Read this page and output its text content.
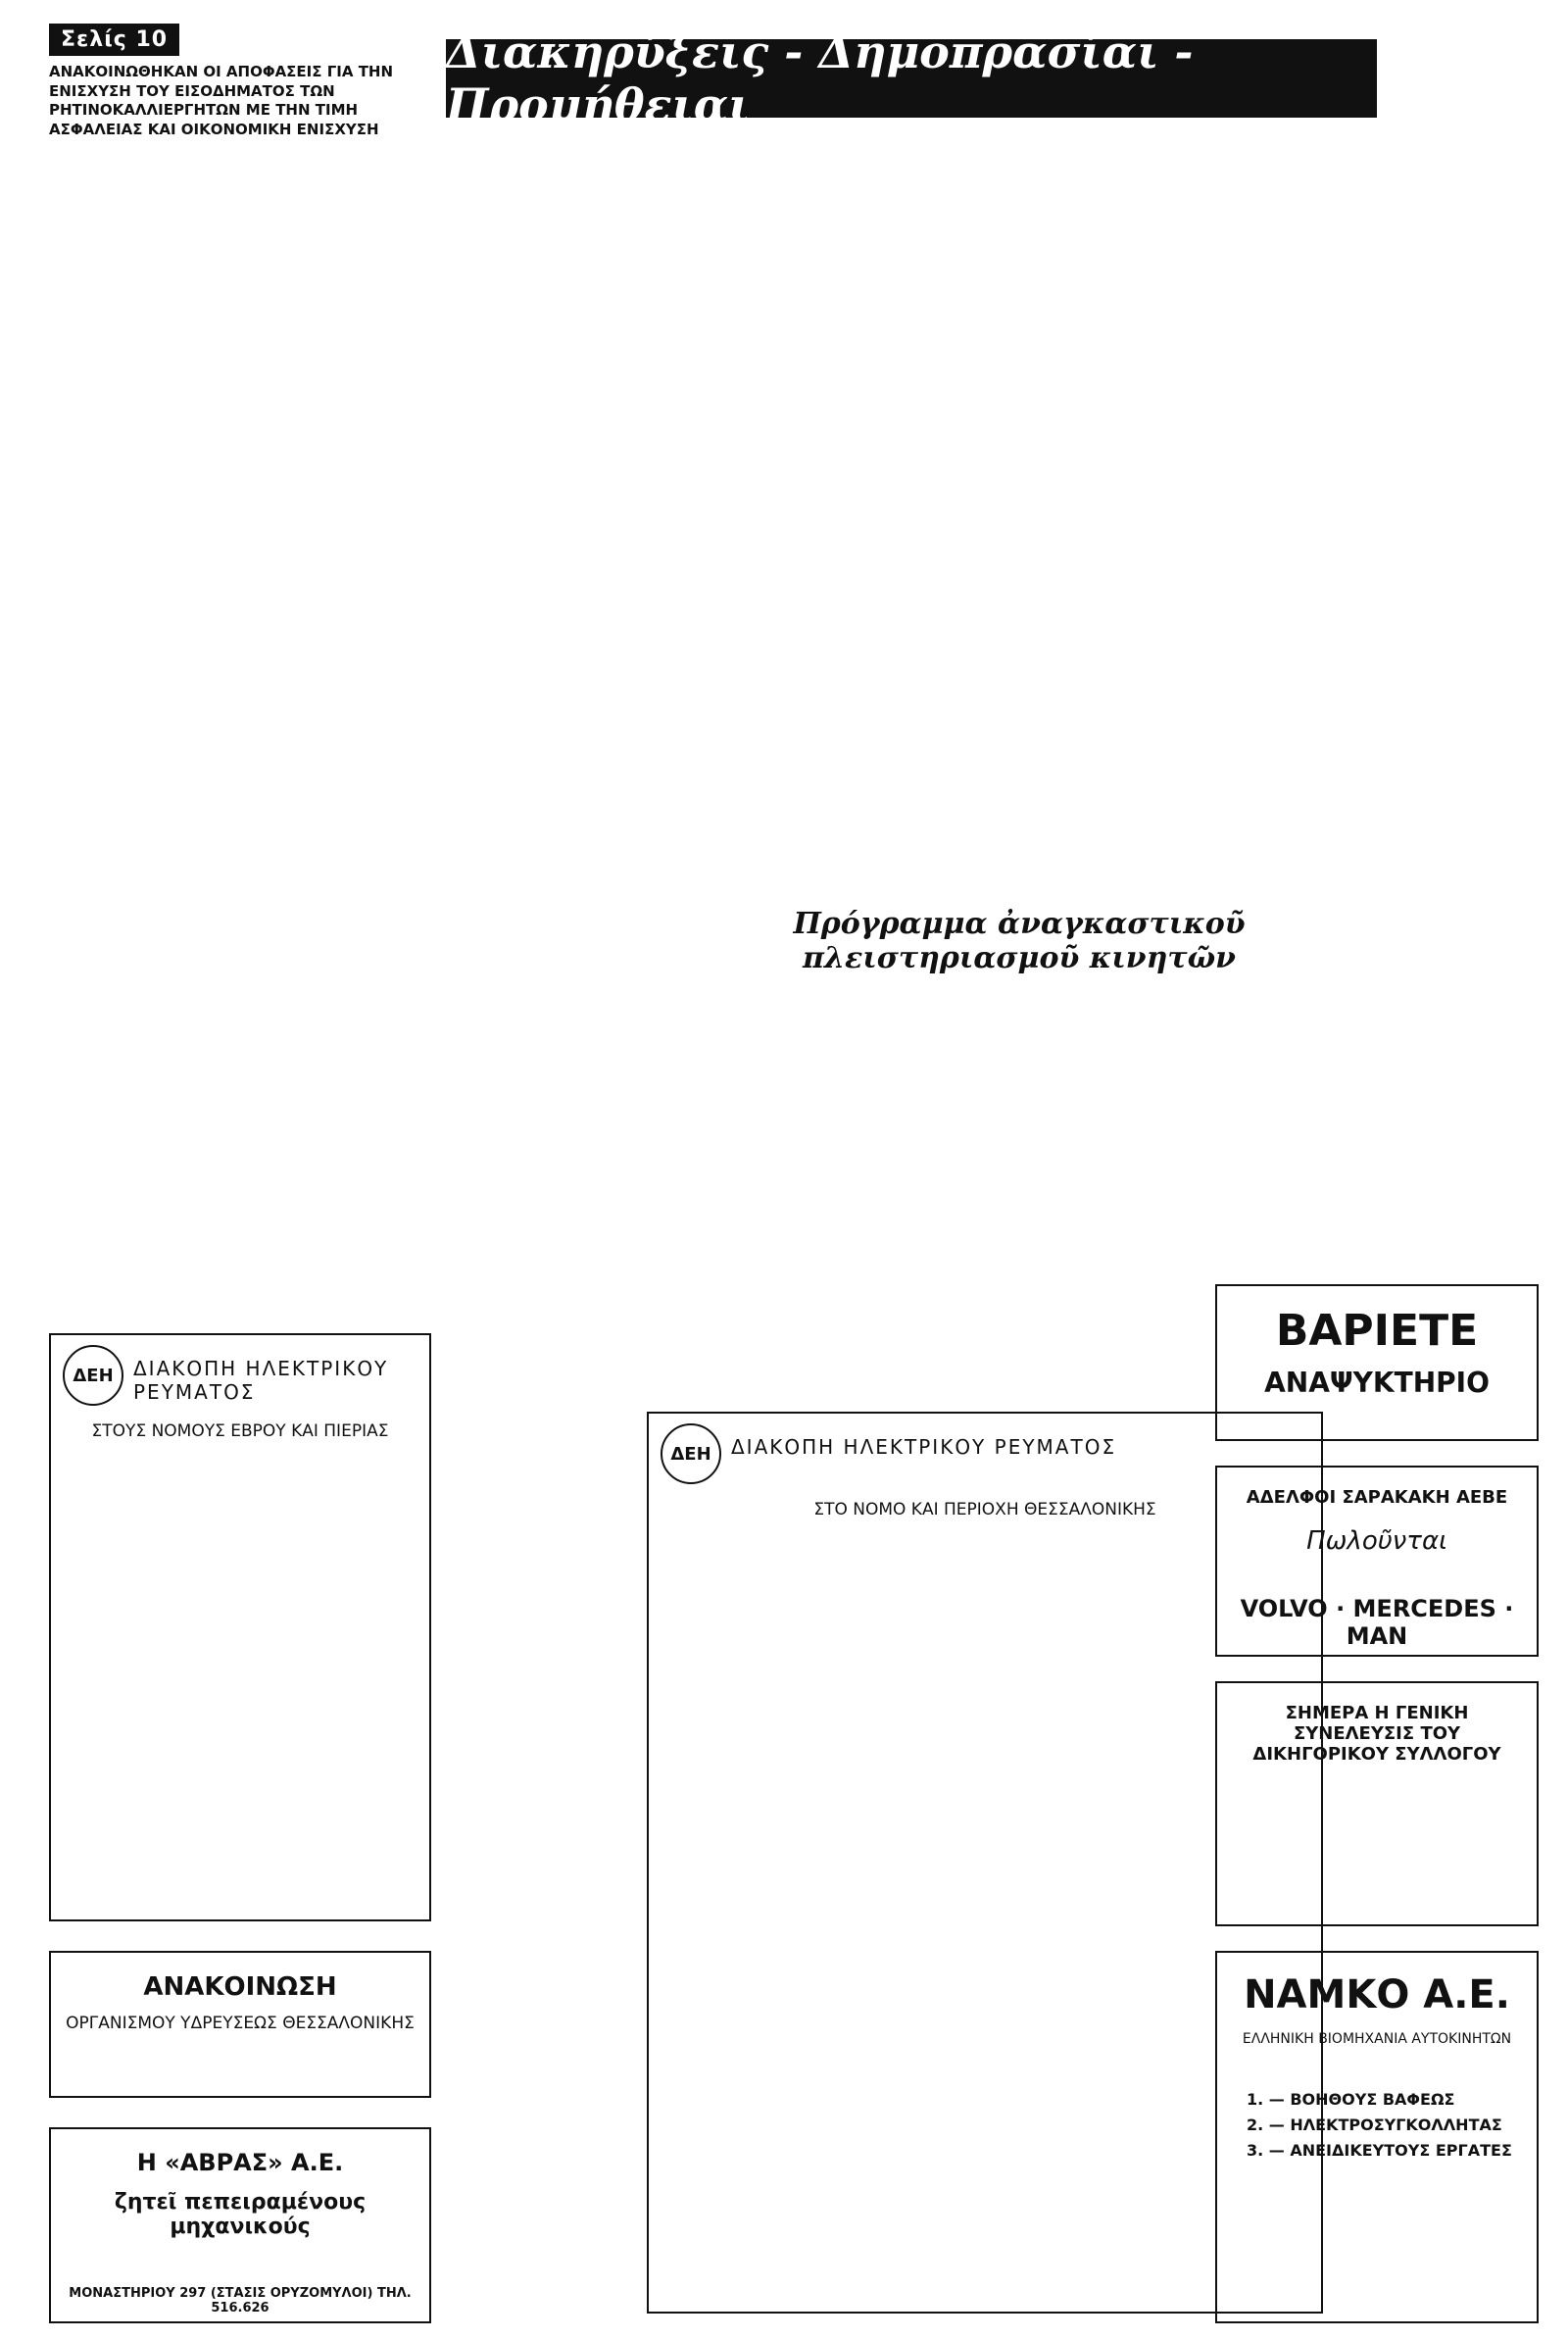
Σελίς 10	Διακηρύξεις - Δημοπρασίαι - Προμήθειαι
ΑΝΑΚΟΙΝΩΘΗΚΑΝ ΟΙ ΑΠΟΦΑΣΕΙΣ ΓΙΑ ΤΗΝ ΕΝΙΣΧΥΣΗ ΤΟΥ ΕΙΣΟΔΗΜΑΤΟΣ ΤΩΝ ΡΗΤΙΝΟΚΑΛΛΙΕΡΓΗΤΩΝ ΜΕ ΤΗΝ ΤΙΜΗ ΑΣΦΑΛΕΙΑΣ ΚΑΙ ΟΙΚΟΝΟΜΙΚΗ ΕΝΙΣΧΥΣΗ
ΔΕΗ	ΔΙΑΚΟΠΗ ΗΛΕΚΤΡΙΚΟΥ ΡΕΥΜΑΤΟΣ
ΣΤΟΥΣ ΝΟΜΟΥΣ ΕΒΡΟΥ ΚΑΙ ΠΙΕΡΙΑΣ
ΑΝΑΚΟΙΝΩΣΗ
ΟΡΓΑΝΙΣΜΟΥ ΥΔΡΕΥΣΕΩΣ ΘΕΣΣΑΛΟΝΙΚΗΣ
Η «ΑΒΡΑΣ» Α.Ε.
ζητεῖ πεπειραμένους μηχανικούς
ΜΟΝΑΣΤΗΡΙΟΥ 297 (ΣΤΑΣΙΣ ΟΡΥΖΟΜΥΛΟΙ) ΤΗΛ. 516.626
ΔΕΗ	ΔΙΑΚΟΠΗ ΗΛΕΚΤΡΙΚΟΥ ΡΕΥΜΑΤΟΣ
ΣΤΟ ΝΟΜΟ ΚΑΙ ΠΕΡΙΟΧΗ ΘΕΣΣΑΛΟΝΙΚΗΣ
Πρόγραμμα ἀναγκαστικοῦ πλειστηριασμοῦ κινητῶν
ΒΑΡΙΕΤΕ
ΑΝΑΨΥΚΤΗΡΙΟ
ΑΔΕΛΦΟΙ ΣΑΡΑΚΑΚΗ ΑΕΒΕ
Πωλοῦνται
VOLVO · MERCEDES · MAN
ΣΗΜΕΡΑ Η ΓΕΝΙΚΗ ΣΥΝΕΛΕΥΣΙΣ ΤΟΥ ΔΙΚΗΓΟΡΙΚΟΥ ΣΥΛΛΟΓΟΥ
ΝΑΜΚΟ Α.Ε.
ΕΛΛΗΝΙΚΗ ΒΙΟΜΗΧΑΝΙΑ ΑΥΤΟΚΙΝΗΤΩΝ
1. — ΒΟΗΘΟΥΣ ΒΑΦΕΩΣ
2. — ΗΛΕΚΤΡΟΣΥΓΚΟΛΛΗΤΑΣ
3. — ΑΝΕΙΔΙΚΕΥΤΟΥΣ ΕΡΓΑΤΕΣ
